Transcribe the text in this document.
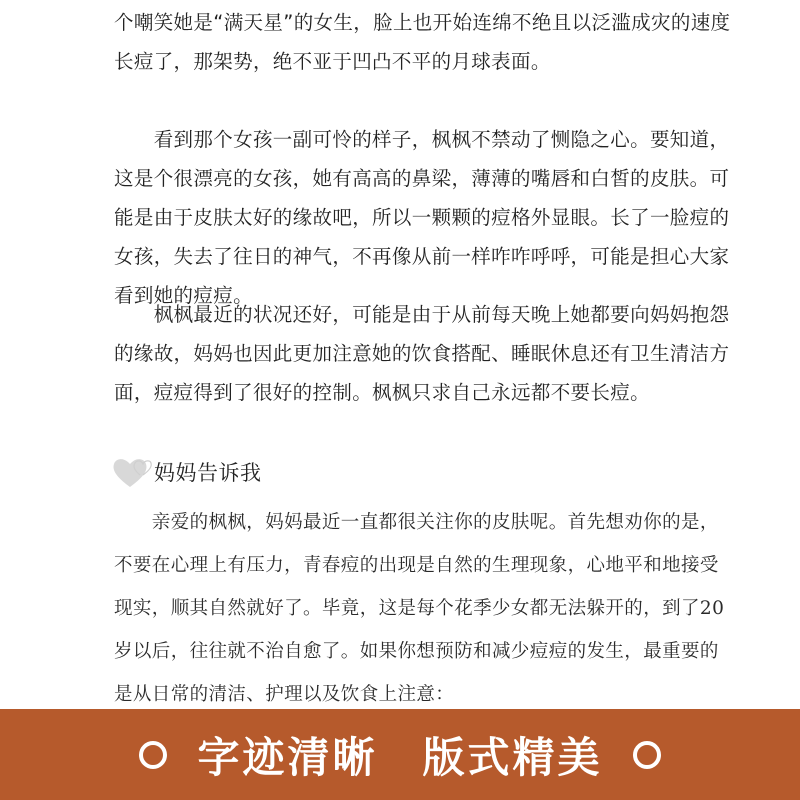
个嘲笑她是“满天星”的女生，脸上也开始连绵不绝且以泛滥成灾的速度长痘了，那架势，绝不亚于凹凸不平的月球表面。

　　看到那个女孩一副可怜的样子，枫枫不禁动了恻隐之心。要知道，这是个很漂亮的女孩，她有高高的鼻梁，薄薄的嘴唇和白皙的皮肤。可能是由于皮肤太好的缘故吧，所以一颗颗的痘格外显眼。长了一脸痘的女孩，失去了往日的神气，不再像从前一样咋咋呼呼，可能是担心大家看到她的痘痘。

　　枫枫最近的状况还好，可能是由于从前每天晚上她都要向妈妈抱怨的缘故，妈妈也因此更加注意她的饮食搭配、睡眠休息还有卫生清洁方面，痘痘得到了很好的控制。枫枫只求自己永远都不要长痘。

妈妈告诉我

　　亲爱的枫枫，妈妈最近一直都很关注你的皮肤呢。首先想劝你的是，不要在心理上有压力，青春痘的出现是自然的生理现象，心地平和地接受现实，顺其自然就好了。毕竟，这是每个花季少女都无法躲开的，到了20岁以后，往往就不治自愈了。如果你想预防和减少痘痘的发生，最重要的是从日常的清洁、护理以及饮食上注意：

字迹清晰　版式精美
